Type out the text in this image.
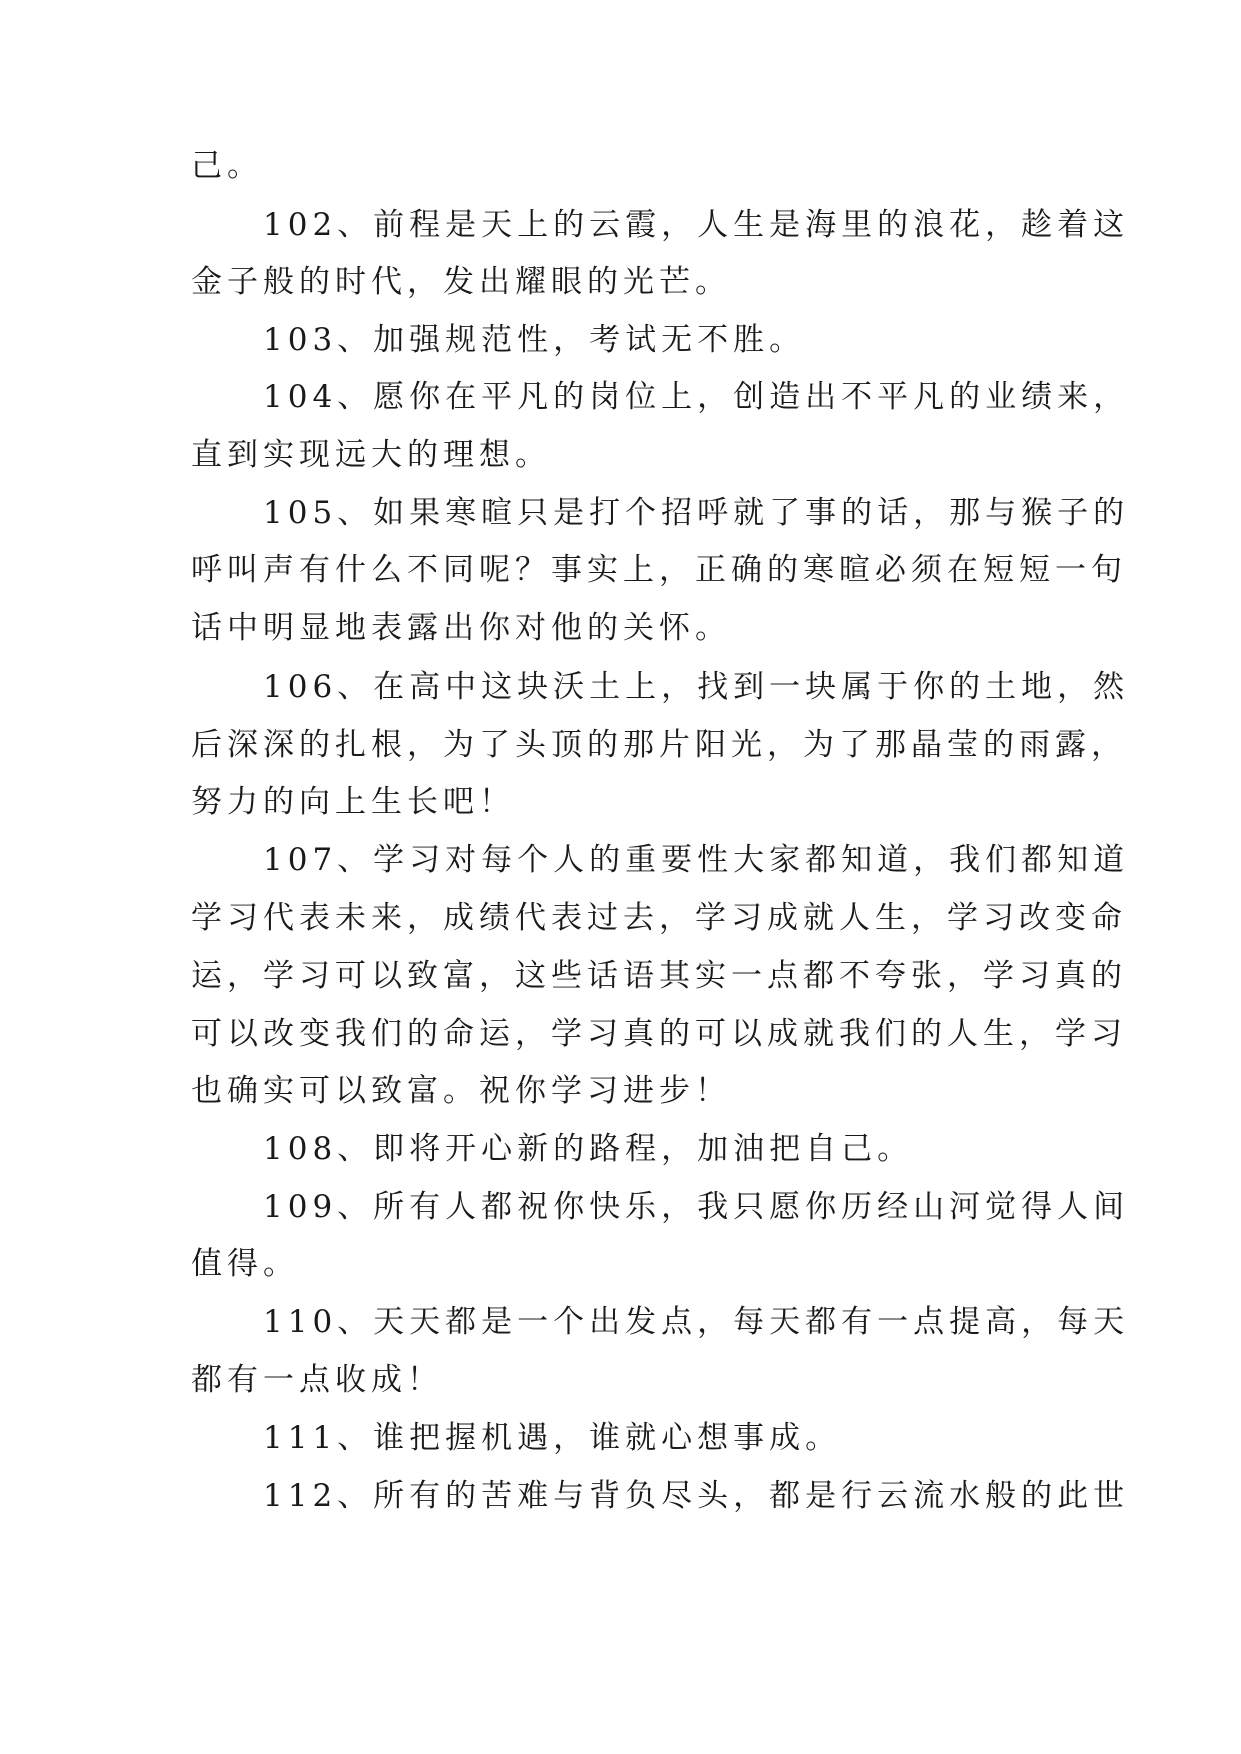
己。
　　102、前程是天上的云霞，人生是海里的浪花，趁着这
金子般的时代，发出耀眼的光芒。
　　103、加强规范性，考试无不胜。
　　104、愿你在平凡的岗位上，创造出不平凡的业绩来，
直到实现远大的理想。
　　105、如果寒暄只是打个招呼就了事的话，那与猴子的
呼叫声有什么不同呢？事实上，正确的寒暄必须在短短一句
话中明显地表露出你对他的关怀。
　　106、在高中这块沃土上，找到一块属于你的土地，然
后深深的扎根，为了头顶的那片阳光，为了那晶莹的雨露，
努力的向上生长吧！
　　107、学习对每个人的重要性大家都知道，我们都知道
学习代表未来，成绩代表过去，学习成就人生，学习改变命
运，学习可以致富，这些话语其实一点都不夸张，学习真的
可以改变我们的命运，学习真的可以成就我们的人生，学习
也确实可以致富。祝你学习进步！
　　108、即将开心新的路程，加油把自己。
　　109、所有人都祝你快乐，我只愿你历经山河觉得人间
值得。
　　110、天天都是一个出发点，每天都有一点提高，每天
都有一点收成！
　　111、谁把握机遇，谁就心想事成。
　　112、所有的苦难与背负尽头，都是行云流水般的此世
